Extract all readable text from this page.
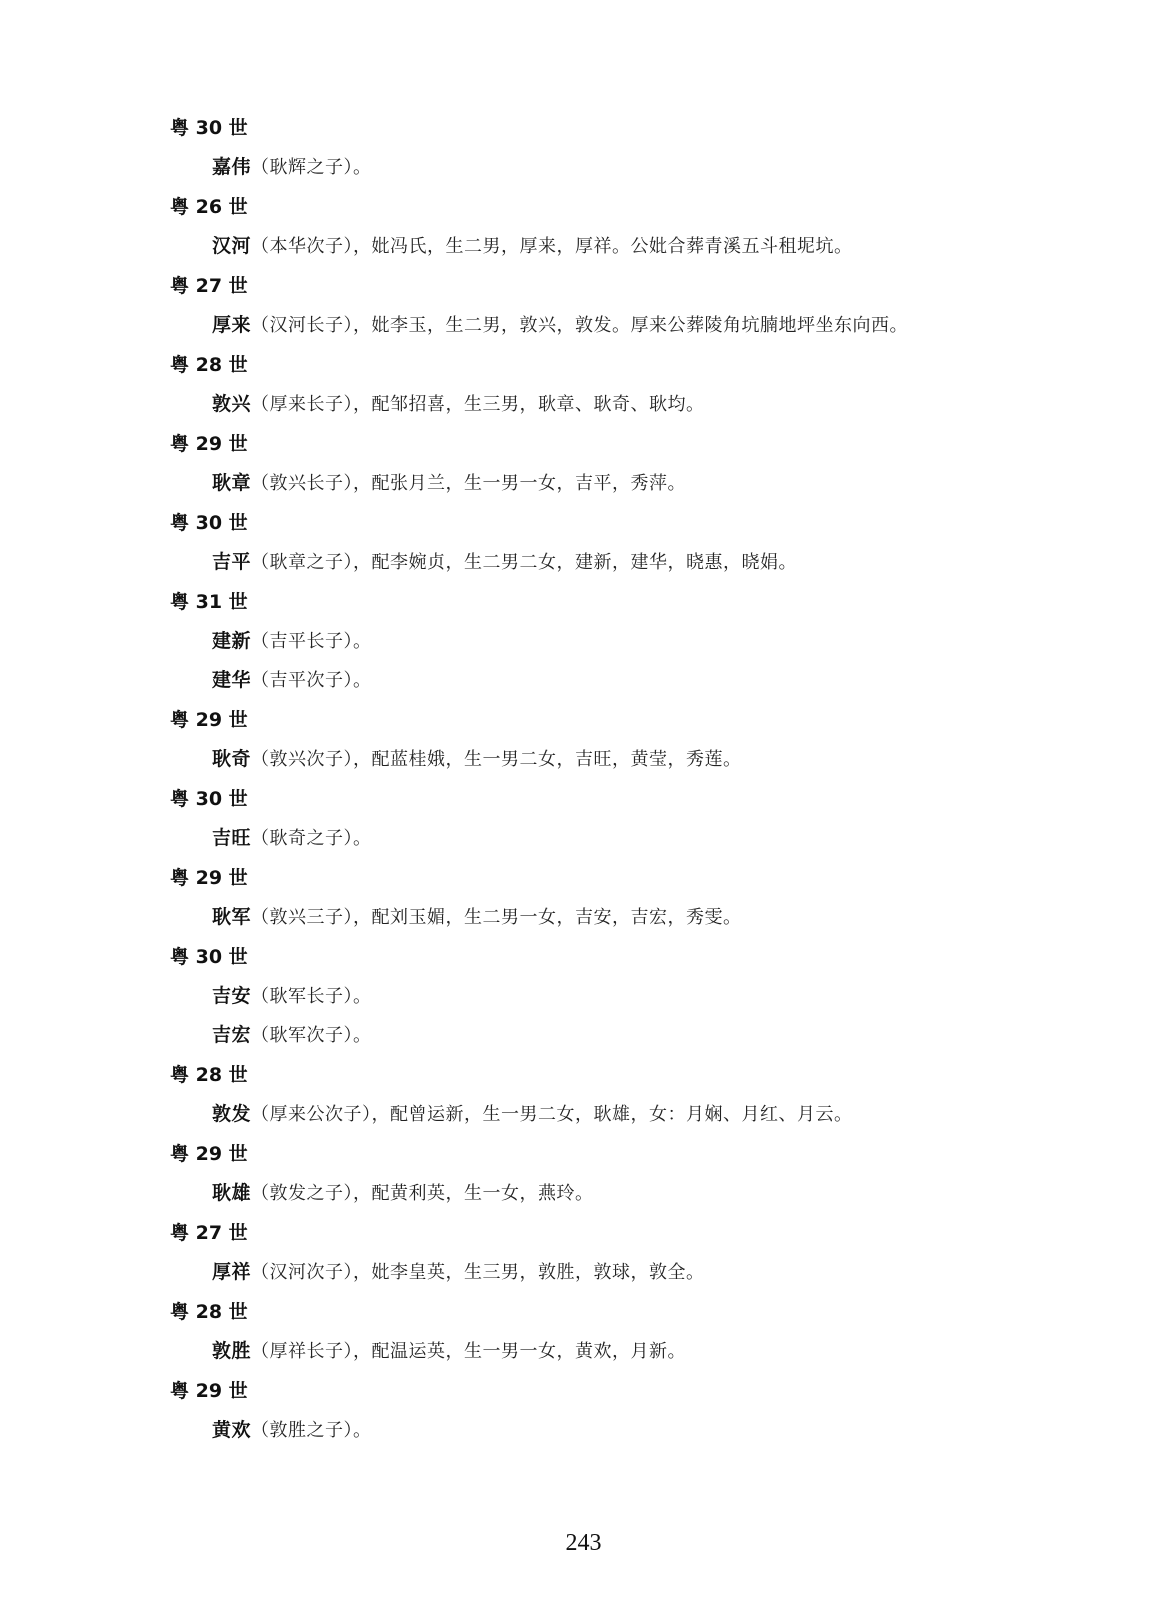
粤 30 世
嘉伟（耿辉之子）。
粤 26 世
汉河（本华次子），妣冯氏，生二男，厚来，厚祥。公妣合葬青溪五斗租坭坑。
粤 27 世
厚来（汉河长子），妣李玉，生二男，敦兴，敦发。厚来公葬陵角坑腩地坪坐东向西。
粤 28 世
敦兴（厚来长子），配邹招喜，生三男，耿章、耿奇、耿均。
粤 29 世
耿章（敦兴长子），配张月兰，生一男一女，吉平，秀萍。
粤 30 世
吉平（耿章之子），配李婉贞，生二男二女，建新，建华，晓惠，晓娟。
粤 31 世
建新（吉平长子）。
建华（吉平次子）。
粤 29 世
耿奇（敦兴次子），配蓝桂娥，生一男二女，吉旺，黄莹，秀莲。
粤 30 世
吉旺（耿奇之子）。
粤 29 世
耿军（敦兴三子），配刘玉媚，生二男一女，吉安，吉宏，秀雯。
粤 30 世
吉安（耿军长子）。
吉宏（耿军次子）。
粤 28 世
敦发（厚来公次子），配曾运新，生一男二女，耿雄，女：月娴、月红、月云。
粤 29 世
耿雄（敦发之子），配黄利英，生一女，燕玲。
粤 27 世
厚祥（汉河次子），妣李皇英，生三男，敦胜，敦球，敦全。
粤 28 世
敦胜（厚祥长子），配温运英，生一男一女，黄欢，月新。
粤 29 世
黄欢（敦胜之子）。
243
